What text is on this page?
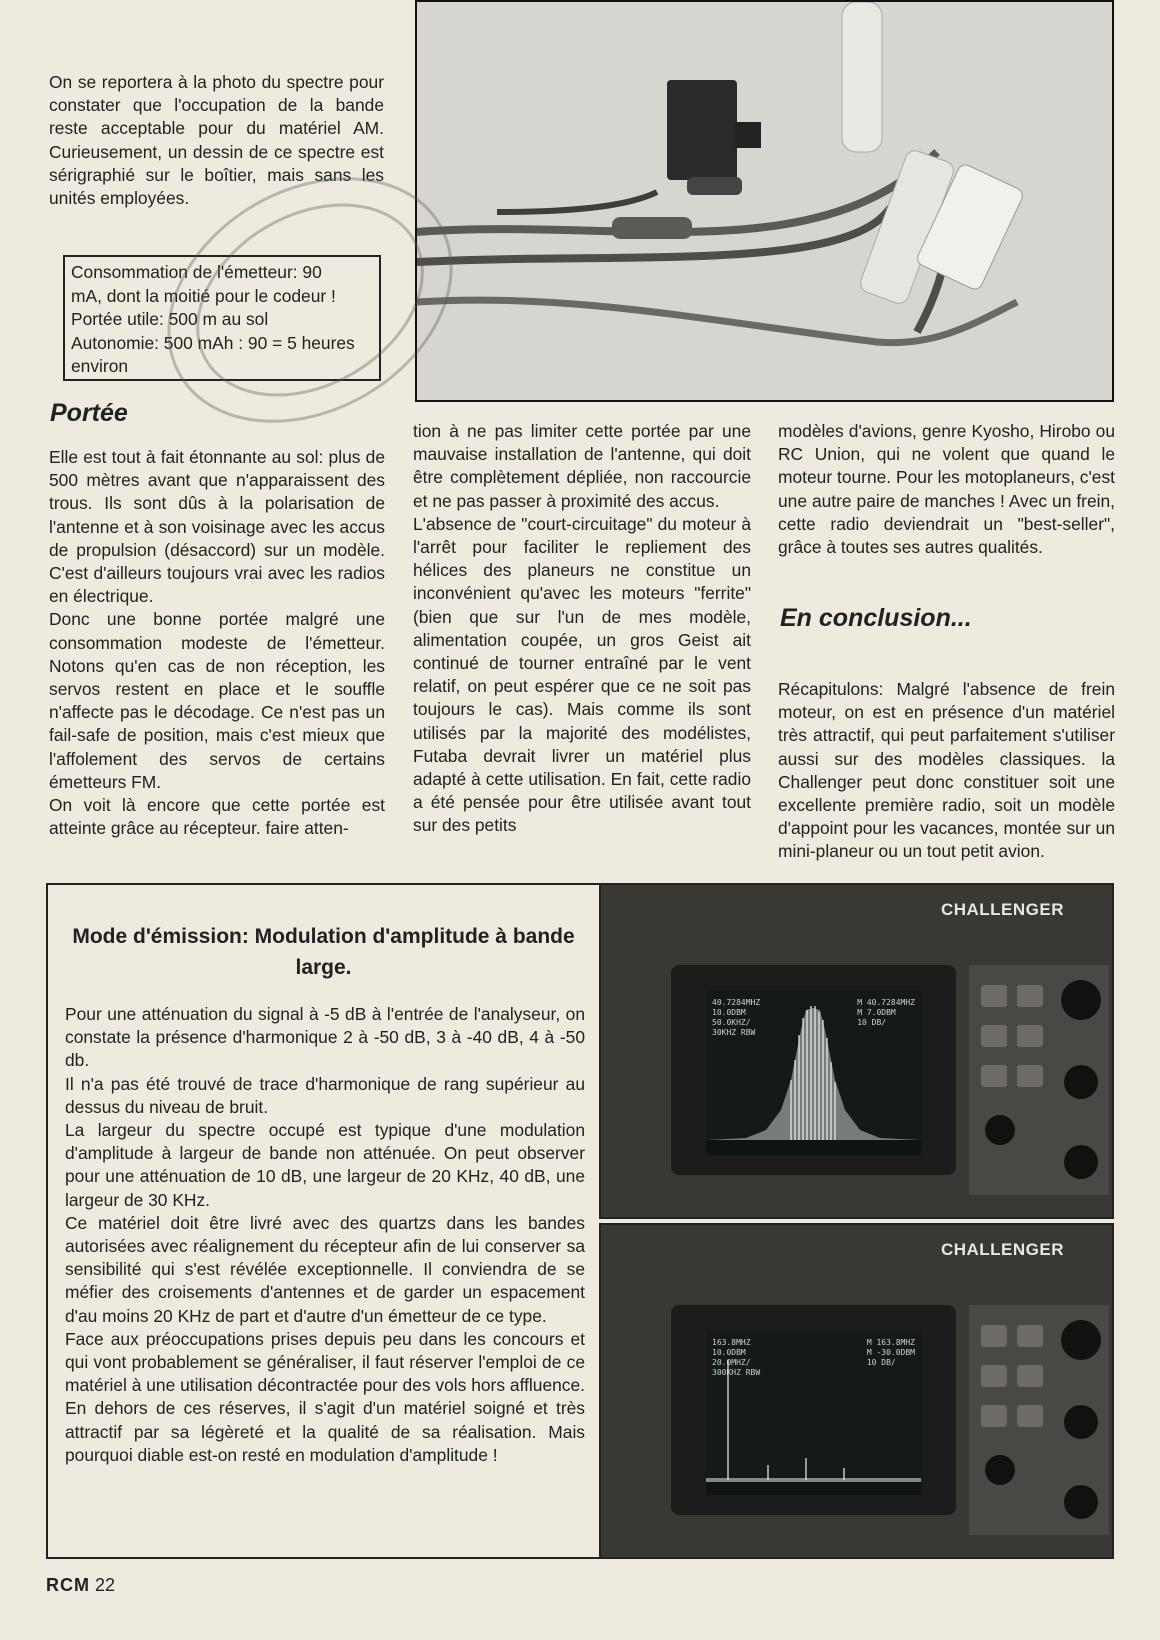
On se reportera à la photo du spectre pour constater que l'occupation de la bande reste acceptable pour du matériel AM. Curieusement, un dessin de ce spectre est sérigraphié sur le boîtier, mais sans les unités employées.

Consommation de l'émetteur: 90
mA, dont la moitié pour le codeur !
Portée utile: 500 m au sol
Autonomie: 500 mAh : 90 = 5 heures
environ
Portée

Elle est tout à fait étonnante au sol: plus de 500 mètres avant que n'apparaissent des trous. Ils sont dûs à la polarisation de l'antenne et à son voisinage avec les accus de propulsion (désaccord) sur un modèle. C'est d'ailleurs toujours vrai avec les radios en électrique.

Donc une bonne portée malgré une consommation modeste de l'émetteur. Notons qu'en cas de non réception, les servos restent en place et le souffle n'affecte pas le décodage. Ce n'est pas un fail-safe de position, mais c'est mieux que l'affolement des servos de certains émetteurs FM.

On voit là encore que cette portée est atteinte grâce au récepteur. faire atten-

tion à ne pas limiter cette portée par une mauvaise installation de l'antenne, qui doit être complètement dépliée, non raccourcie et ne pas passer à proximité des accus.

L'absence de "court-circuitage" du moteur à l'arrêt pour faciliter le repliement des hélices des planeurs ne constitue un inconvénient qu'avec les moteurs "ferrite" (bien que sur l'un de mes modèle, alimentation coupée, un gros Geist ait continué de tourner entraîné par le vent relatif, on peut espérer que ce ne soit pas toujours le cas). Mais comme ils sont utilisés par la majorité des modélistes, Futaba devrait livrer un matériel plus adapté à cette utilisation. En fait, cette radio a été pensée pour être utilisée avant tout sur des petits

modèles d'avions, genre Kyosho, Hirobo ou RC Union, qui ne volent que quand le moteur tourne. Pour les motoplaneurs, c'est une autre paire de manches ! Avec un frein, cette radio deviendrait un "best-seller", grâce à toutes ses autres qualités.

En conclusion...

Récapitulons: Malgré l'absence de frein moteur, on est en présence d'un matériel très attractif, qui peut parfaitement s'utiliser aussi sur des modèles classiques. la Challenger peut donc constituer soit une excellente première radio, soit un modèle d'appoint pour les vacances, montée sur un mini-planeur ou un tout petit avion.

Mode d'émission: Modulation d'amplitude à bande large.

Pour une atténuation du signal à -5 dB à l'entrée de l'analyseur, on constate la présence d'harmonique 2 à -50 dB, 3 à -40 dB, 4 à -50 db.

Il n'a pas été trouvé de trace d'harmonique de rang supérieur au dessus du niveau de bruit.

La largeur du spectre occupé est typique d'une modulation d'amplitude à largeur de bande non atténuée. On peut observer pour une atténuation de 10 dB, une largeur de 20 KHz, 40 dB, une largeur de 30 KHz.

Ce matériel doit être livré avec des quartzs dans les bandes autorisées avec réalignement du récepteur afin de lui conserver sa sensibilité qui s'est révélée exceptionnelle. Il conviendra de se méfier des croisements d'antennes et de garder un espacement d'au moins 20 KHz de part et d'autre d'un émetteur de ce type.

Face aux préoccupations prises depuis peu dans les concours et qui vont probablement se généraliser, il faut réserver l'emploi de ce matériel à une utilisation décontractée pour des vols hors affluence. En dehors de ces réserves, il s'agit d'un matériel soigné et très attractif par sa légèreté et la qualité de sa réalisation. Mais pourquoi diable est-on resté en modulation d'amplitude !

CHALLENGER
40.7284MHZ
10.0DBM
50.0KHZ/
30KHZ RBW
M 40.7284MHZ
M 7.0DBM
10 DB/
CHALLENGER
163.8MHZ
10.0DBM
20.0MHZ/
300KHZ RBW
M 163.8MHZ
M -30.0DBM
10 DB/
RCM 22
